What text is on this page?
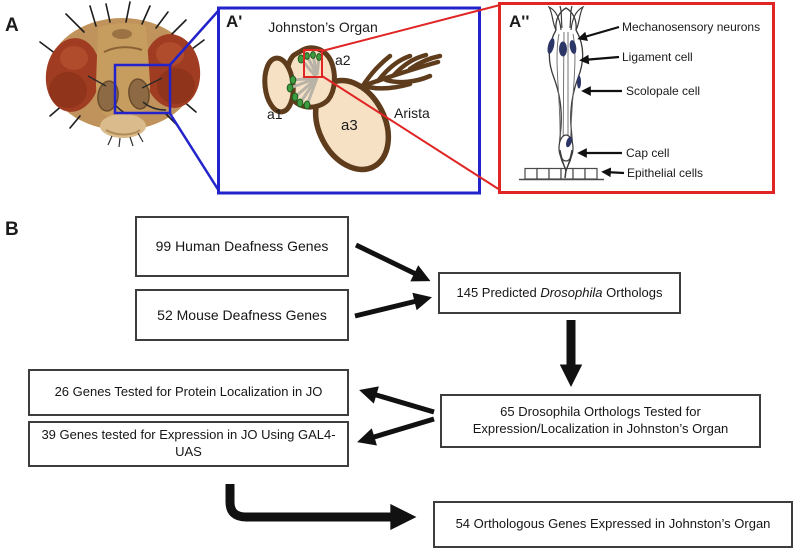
A	A'	Johnston’s Organ
a2
a1
a3
Arista
A''	Mechanosensory neurons
Ligament cell
Scolopale cell
Cap cell
Epithelial cells
B
99 Human Deafness Genes
52 Mouse Deafness Genes
145 Predicted Drosophila Orthologs
26 Genes Tested for Protein Localization in JO
39 Genes tested for Expression in JO Using GAL4-UAS
65 Drosophila Orthologs Tested for Expression/Localization in Johnston’s Organ
54 Orthologous Genes Expressed in Johnston’s Organ
